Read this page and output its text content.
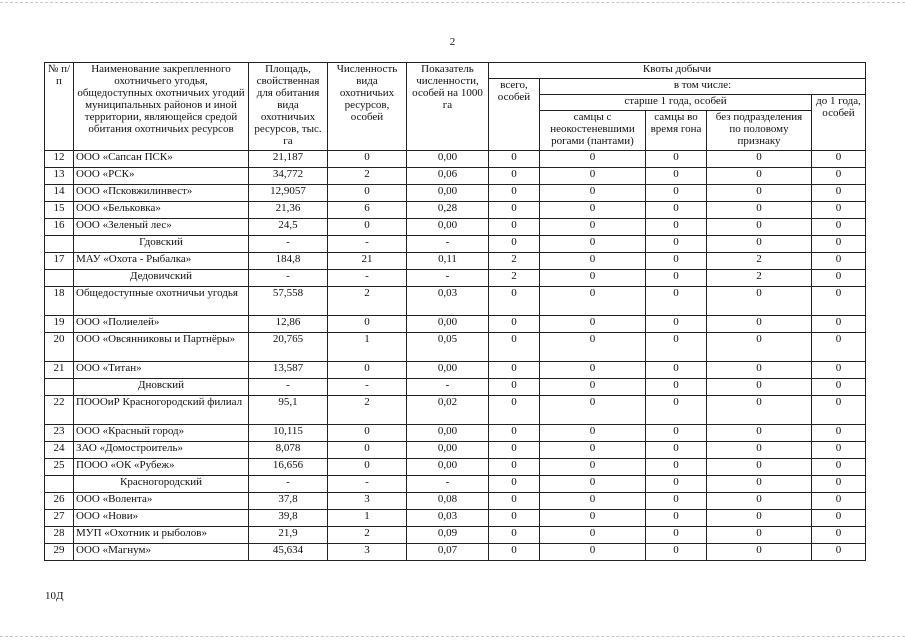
2
№ п/п	Наименование закрепленного охотничьего угодья, общедоступных охотничьих угодий муниципальных районов и иной территории, являющейся средой обитания охотничьих ресурсов	Площадь, свойственная для обитания вида охотничьих ресурсов, тыс. га	Численность вида охотничьих ресурсов, особей	Показатель численности, особей на 1000 га	Квоты добычи				
					всего, особей	в том числе:			
						старше 1 года, особей			до 1 года, особей
						самцы с неокостеневшими рогами (пантами)	самцы во время гона	без подразделения по половому признаку	
12	ООО «Сапсан ПСК»	21,187	0	0,00	0	0	0	0	0
13	ООО «РСК»	34,772	2	0,06	0	0	0	0	0
14	ООО «Псковжилинвест»	12,9057	0	0,00	0	0	0	0	0
15	ООО «Бельковка»	21,36	6	0,28	0	0	0	0	0
16	ООО «Зеленый лес»	24,5	0	0,00	0	0	0	0	0
	Гдовский	-	-	-	0	0	0	0	0
17	МАУ «Охота - Рыбалка»	184,8	21	0,11	2	0	0	2	0
	Дедовичский	-	-	-	2	0	0	2	0
18	Общедоступные охотничьи угодья	57,558	2	0,03	0	0	0	0	0
19	ООО «Полиелей»	12,86	0	0,00	0	0	0	0	0
20	ООО «Овсянниковы и Партнёры»	20,765	1	0,05	0	0	0	0	0
21	ООО «Титан»	13,587	0	0,00	0	0	0	0	0
	Дновский	-	-	-	0	0	0	0	0
22	ПОООиР Красногородский филиал	95,1	2	0,02	0	0	0	0	0
23	ООО «Красный город»	10,115	0	0,00	0	0	0	0	0
24	ЗАО «Домостроитель»	8,078	0	0,00	0	0	0	0	0
25	ПООО «ОК «Рубеж»	16,656	0	0,00	0	0	0	0	0
	Красногородский	-	-	-	0	0	0	0	0
26	ООО «Волента»	37,8	3	0,08	0	0	0	0	0
27	ООО «Нови»	39,8	1	0,03	0	0	0	0	0
28	МУП «Охотник и рыболов»	21,9	2	0,09	0	0	0	0	0
29	ООО «Магнум»	45,634	3	0,07	0	0	0	0	0
10Д
